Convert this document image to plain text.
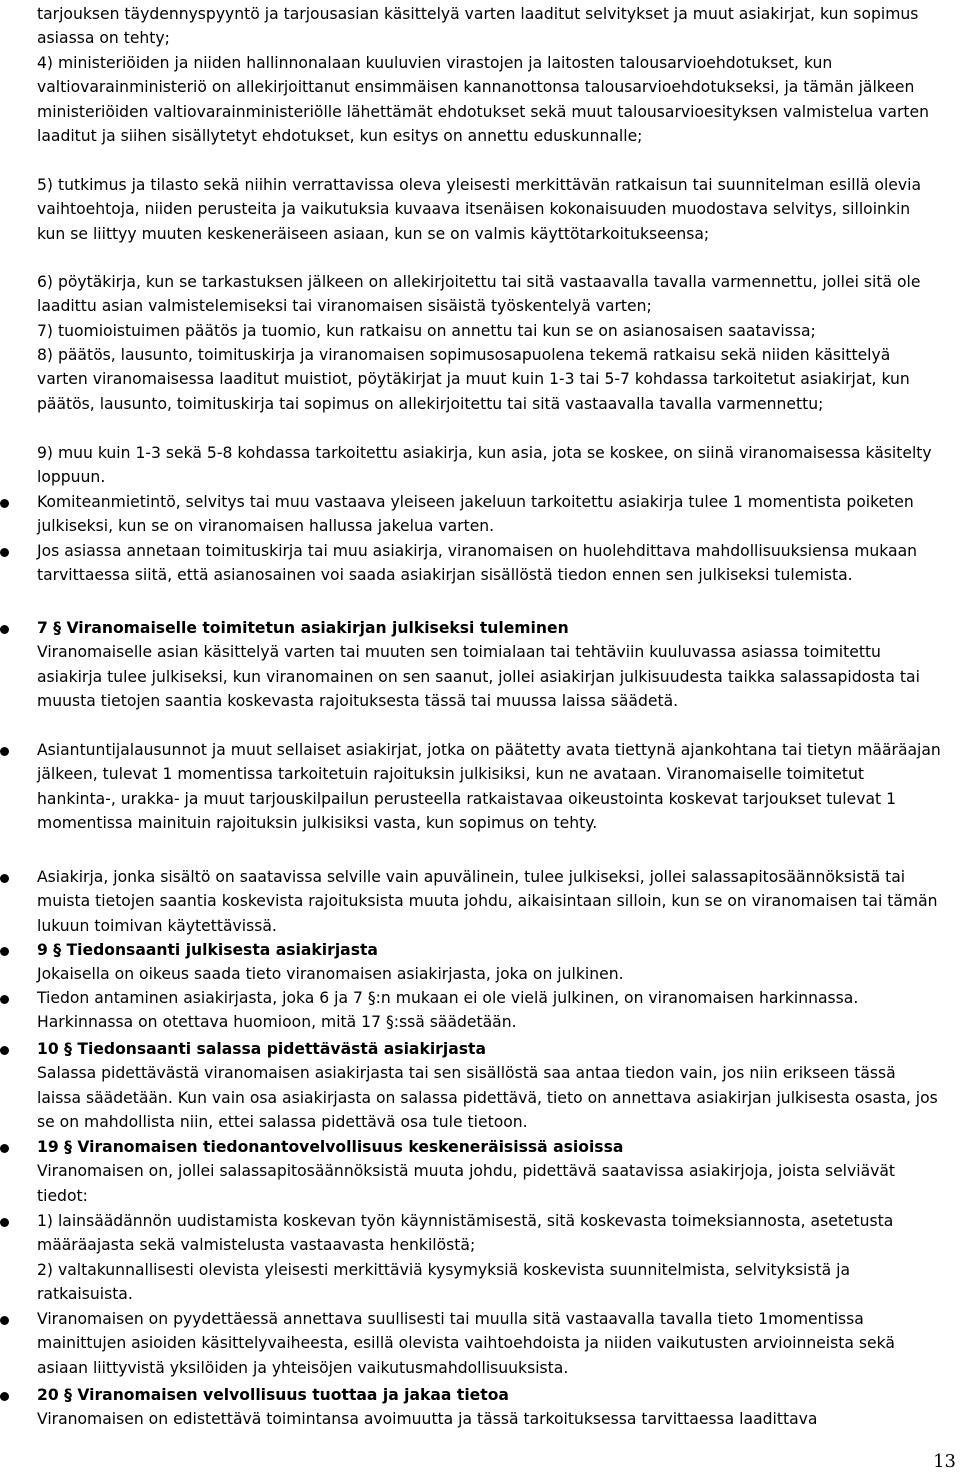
tarjouksen täydennyspyyntö ja tarjousasian käsittelyä varten laaditut selvitykset ja muut asiakirjat, kun sopimus asiassa on tehty;

4) ministeriöiden ja niiden hallinnonalaan kuuluvien virastojen ja laitosten talousarvioehdotukset, kun valtiovarainministeriö on allekirjoittanut ensimmäisen kannanottonsa talousarvioehdotukseksi, ja tämän jälkeen ministeriöiden valtiovarainministeriölle lähettämät ehdotukset sekä muut talousarvioesityksen valmistelua varten laaditut ja siihen sisällytetyt ehdotukset, kun esitys on annettu eduskunnalle;

5) tutkimus ja tilasto sekä niihin verrattavissa oleva yleisesti merkittävän ratkaisun tai suunnitelman esillä olevia vaihtoehtoja, niiden perusteita ja vaikutuksia kuvaava itsenäisen kokonaisuuden muodostava selvitys, silloinkin kun se liittyy muuten keskeneräiseen asiaan, kun se on valmis käyttötarkoitukseensa;

6) pöytäkirja, kun se tarkastuksen jälkeen on allekirjoitettu tai sitä vastaavalla tavalla varmennettu, jollei sitä ole laadittu asian valmistelemiseksi tai viranomaisen sisäistä työskentelyä varten;

7) tuomioistuimen päätös ja tuomio, kun ratkaisu on annettu tai kun se on asianosaisen saatavissa;

8) päätös, lausunto, toimituskirja ja viranomaisen sopimusosapuolena tekemä ratkaisu sekä niiden käsittelyä varten viranomaisessa laaditut muistiot, pöytäkirjat ja muut kuin 1-3 tai 5-7 kohdassa tarkoitetut asiakirjat, kun päätös, lausunto, toimituskirja tai sopimus on allekirjoitettu tai sitä vastaavalla tavalla varmennettu;

9) muu kuin 1-3 sekä 5-8 kohdassa tarkoitettu asiakirja, kun asia, jota se koskee, on siinä viranomaisessa käsitelty loppuun.

Komiteanmietintö, selvitys tai muu vastaava yleiseen jakeluun tarkoitettu asiakirja tulee 1 momentista poiketen julkiseksi, kun se on viranomaisen hallussa jakelua varten.

Jos asiassa annetaan toimituskirja tai muu asiakirja, viranomaisen on huolehdittava mahdollisuuksiensa mukaan tarvittaessa siitä, että asianosainen voi saada asiakirjan sisällöstä tiedon ennen sen julkiseksi tulemista.

7 § Viranomaiselle toimitetun asiakirjan julkiseksi tuleminen
Viranomaiselle asian käsittelyä varten tai muuten sen toimialaan tai tehtäviin kuuluvassa asiassa toimitettu asiakirja tulee julkiseksi, kun viranomainen on sen saanut, jollei asiakirjan julkisuudesta taikka salassapidosta tai muusta tietojen saantia koskevasta rajoituksesta tässä tai muussa laissa säädetä.

Asiantuntijalausunnot ja muut sellaiset asiakirjat, jotka on päätetty avata tiettynä ajankohtana tai tietyn määräajan jälkeen, tulevat 1 momentissa tarkoitetuin rajoituksin julkisiksi, kun ne avataan. Viranomaiselle toimitetut hankinta-, urakka- ja muut tarjouskilpailun perusteella ratkaistavaa oikeustointa koskevat tarjoukset tulevat 1 momentissa mainituin rajoituksin julkisiksi vasta, kun sopimus on tehty.

Asiakirja, jonka sisältö on saatavissa selville vain apuvälinein, tulee julkiseksi, jollei salassapitosäännöksistä tai muista tietojen saantia koskevista rajoituksista muuta johdu, aikaisintaan silloin, kun se on viranomaisen tai tämän lukuun toimivan käytettävissä.

9 § Tiedonsaanti julkisesta asiakirjasta
Jokaisella on oikeus saada tieto viranomaisen asiakirjasta, joka on julkinen.

Tiedon antaminen asiakirjasta, joka 6 ja 7 §:n mukaan ei ole vielä julkinen, on viranomaisen harkinnassa. Harkinnassa on otettava huomioon, mitä 17 §:ssä säädetään.

10 § Tiedonsaanti salassa pidettävästä asiakirjasta
Salassa pidettävästä viranomaisen asiakirjasta tai sen sisällöstä saa antaa tiedon vain, jos niin erikseen tässä laissa säädetään. Kun vain osa asiakirjasta on salassa pidettävä, tieto on annettava asiakirjan julkisesta osasta, jos se on mahdollista niin, ettei salassa pidettävä osa tule tietoon.
19 § Viranomaisen tiedonantovelvollisuus keskeneräisissä asioissa
Viranomaisen on, jollei salassapitosäännöksistä muuta johdu, pidettävä saatavissa asiakirjoja, joista selviävät tiedot:
1) lainsäädännön uudistamista koskevan työn käynnistämisestä, sitä koskevasta toimeksiannosta, asetetusta määräajasta sekä valmistelusta vastaavasta henkilöstä;
2) valtakunnallisesti olevista yleisesti merkittäviä kysymyksiä koskevista suunnitelmista, selvityksistä ja ratkaisuista.

Viranomaisen on pyydettäessä annettava suullisesti tai muulla sitä vastaavalla tavalla tieto 1momentissa mainittujen asioiden käsittelyvaiheesta, esillä olevista vaihtoehdoista ja niiden vaikutusten arvioinneista sekä asiaan liittyvistä yksilöiden ja yhteisöjen vaikutusmahdollisuuksista.

20 § Viranomaisen velvollisuus tuottaa ja jakaa tietoa
Viranomaisen on edistettävä toimintansa avoimuutta ja tässä tarkoituksessa tarvittaessa laadittava
13
